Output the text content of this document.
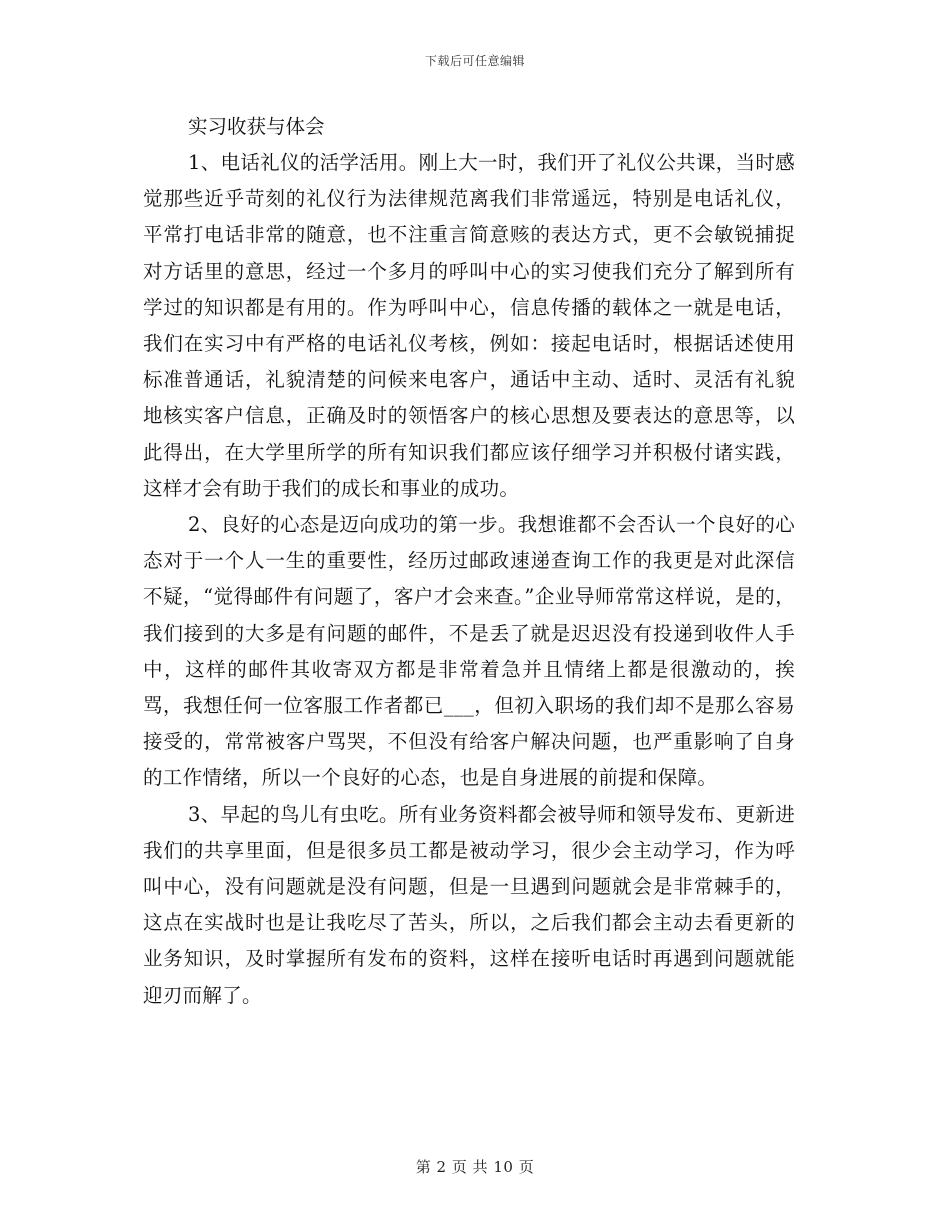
下载后可任意编辑

实习收获与体会

1、电话礼仪的活学活用。刚上大一时，我们开了礼仪公共课，当时感觉那些近乎苛刻的礼仪行为法律规范离我们非常遥远，特别是电话礼仪，平常打电话非常的随意，也不注重言简意赅的表达方式，更不会敏锐捕捉对方话里的意思，经过一个多月的呼叫中心的实习使我们充分了解到所有学过的知识都是有用的。作为呼叫中心，信息传播的载体之一就是电话，我们在实习中有严格的电话礼仪考核，例如：接起电话时，根据话述使用标准普通话，礼貌清楚的问候来电客户，通话中主动、适时、灵活有礼貌地核实客户信息，正确及时的领悟客户的核心思想及要表达的意思等，以此得出，在大学里所学的所有知识我们都应该仔细学习并积极付诸实践，这样才会有助于我们的成长和事业的成功。

2、良好的心态是迈向成功的第一步。我想谁都不会否认一个良好的心态对于一个人一生的重要性，经历过邮政速递查询工作的我更是对此深信不疑，“觉得邮件有问题了，客户才会来查。”企业导师常常这样说，是的，我们接到的大多是有问题的邮件，不是丢了就是迟迟没有投递到收件人手中，这样的邮件其收寄双方都是非常着急并且情绪上都是很激动的，挨骂，我想任何一位客服工作者都已___，但初入职场的我们却不是那么容易接受的，常常被客户骂哭，不但没有给客户解决问题，也严重影响了自身的工作情绪，所以一个良好的心态，也是自身进展的前提和保障。

3、早起的鸟儿有虫吃。所有业务资料都会被导师和领导发布、更新进我们的共享里面，但是很多员工都是被动学习，很少会主动学习，作为呼叫中心，没有问题就是没有问题，但是一旦遇到问题就会是非常棘手的，这点在实战时也是让我吃尽了苦头，所以，之后我们都会主动去看更新的业务知识，及时掌握所有发布的资料，这样在接听电话时再遇到问题就能迎刃而解了。

第 2 页 共 10 页
